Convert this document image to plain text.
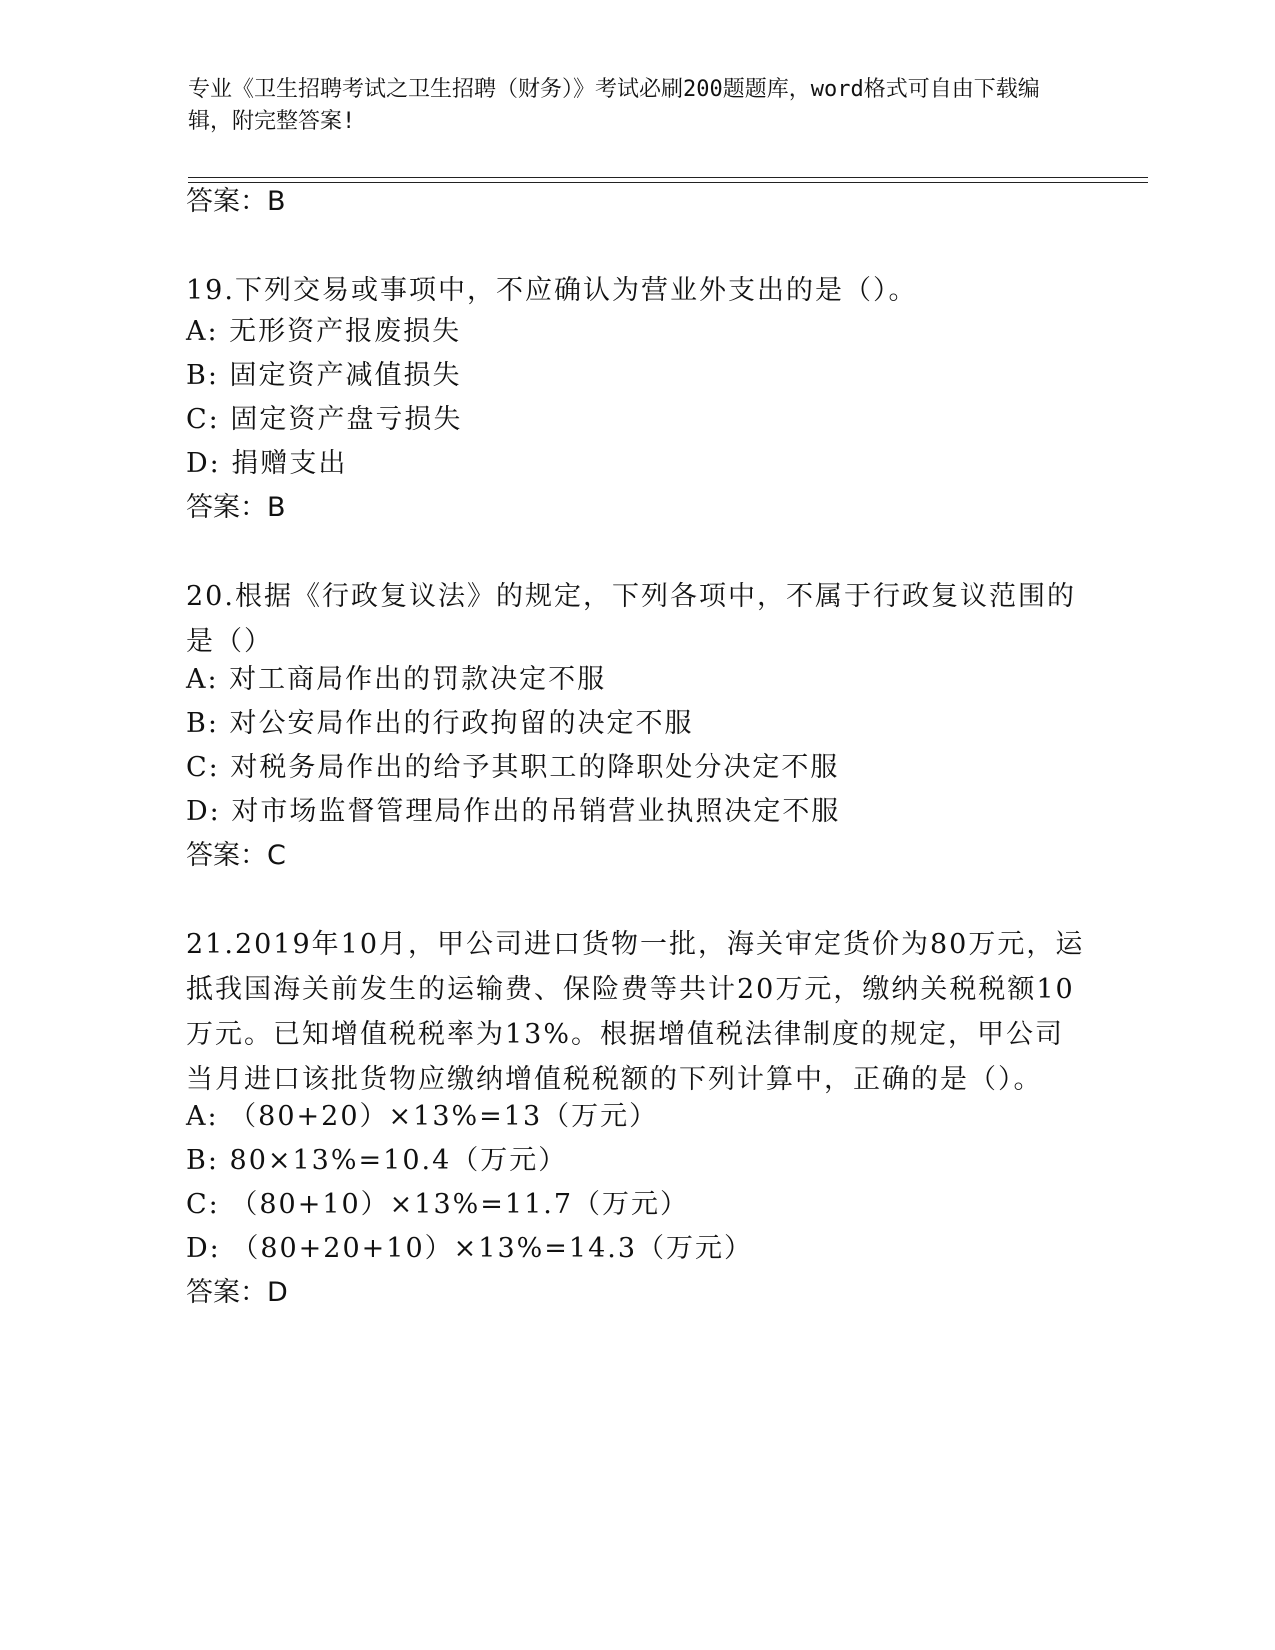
专业《卫生招聘考试之卫生招聘（财务）》考试必刷200题题库，word格式可自由下载编辑，附完整答案!
答案：B
19.下列交易或事项中，不应确认为营业外支出的是（）。
A: 无形资产报废损失
B: 固定资产减值损失
C: 固定资产盘亏损失
D: 捐赠支出
答案：B
20.根据《行政复议法》的规定，下列各项中，不属于行政复议范围的是（）
A: 对工商局作出的罚款决定不服
B: 对公安局作出的行政拘留的决定不服
C: 对税务局作出的给予其职工的降职处分决定不服
D: 对市场监督管理局作出的吊销营业执照决定不服
答案：C
21.2019年10月，甲公司进口货物一批，海关审定货价为80万元，运抵我国海关前发生的运输费、保险费等共计20万元，缴纳关税税额10万元。已知增值税税率为13%。根据增值税法律制度的规定，甲公司当月进口该批货物应缴纳增值税税额的下列计算中，正确的是（）。
A: （80+20）×13%=13（万元）
B: 80×13%=10.4（万元）
C: （80+10）×13%=11.7（万元）
D: （80+20+10）×13%=14.3（万元）
答案：D
